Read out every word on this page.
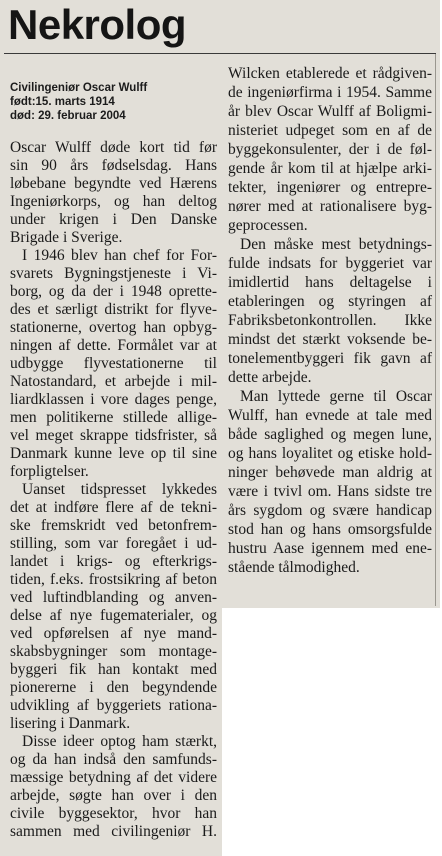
Nekrolog
Civilingeniør Oscar Wulff
født:15. marts 1914
død: 29. februar 2004

Oscar Wulff døde kort tid før
sin 90 års fødselsdag. Hans
løbebane begyndte ved Hærens
Ingeniørkorps, og han deltog
under krigen i Den Danske
Brigade i Sverige.

I 1946 blev han chef for For-
svarets Bygningstjeneste i Vi-
borg, og da der i 1948 oprette-
des et særligt distrikt for flyve-
stationerne, overtog han opbyg-
ningen af dette. Formålet var at
udbygge flyvestationerne til
Natostandard, et arbejde i mil-
liardklassen i vore dages penge,
men politikerne stillede allige-
vel meget skrappe tidsfrister, så
Danmark kunne leve op til sine
forpligtelser.

Uanset tidspresset lykkedes
det at indføre flere af de tekni-
ske fremskridt ved betonfrem-
stilling, som var foregået i ud-
landet i krigs- og efterkrigs-
tiden, f.eks. frostsikring af beton
ved luftindblanding og anven-
delse af nye fugematerialer, og
ved opførelsen af nye mand-
skabsbygninger som montage-
byggeri fik han kontakt med
pionererne i den begyndende
udvikling af byggeriets rationa-
lisering i Danmark.

Disse ideer optog ham stærkt,
og da han indså den samfunds-
mæssige betydning af det videre
arbejde, søgte han over i den
civile byggesektor, hvor han
sammen med civilingeniør H.

Wilcken etablerede et rådgiven-
de ingeniørfirma i 1954. Samme
år blev Oscar Wulff af Boligmi-
nisteriet udpeget som en af de
byggekonsulenter, der i de føl-
gende år kom til at hjælpe arki-
tekter, ingeniører og entrepre-
nører med at rationalisere byg-
geprocessen.

Den måske mest betydnings-
fulde indsats for byggeriet var
imidlertid hans deltagelse i
etableringen og styringen af
Fabriksbetonkontrollen. Ikke
mindst det stærkt voksende be-
tonelementbyggeri fik gavn af
dette arbejde.

Man lyttede gerne til Oscar
Wulff, han evnede at tale med
både saglighed og megen lune,
og hans loyalitet og etiske hold-
ninger behøvede man aldrig at
være i tvivl om. Hans sidste tre
års sygdom og svære handicap
stod han og hans omsorgsfulde
hustru Aase igennem med ene-
stående tålmodighed.
